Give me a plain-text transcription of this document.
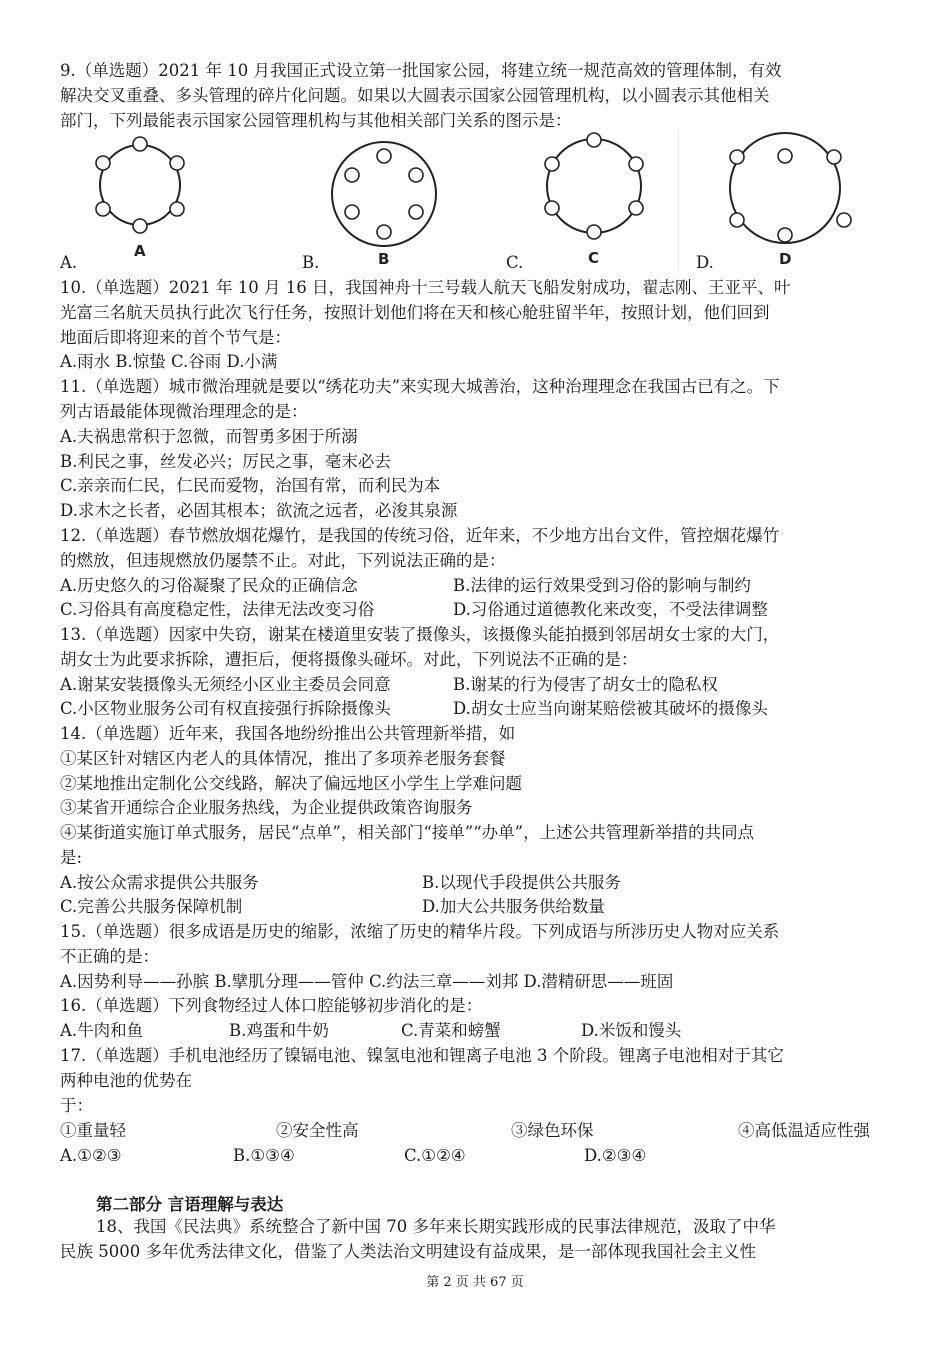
9.（单选题）2021 年 10 月我国正式设立第一批国家公园，将建立统一规范高效的管理体制，有效
解决交叉重叠、多头管理的碎片化问题。如果以大圆表示国家公园管理机构，以小圆表示其他相关
部门，下列最能表示国家公园管理机构与其他相关部门关系的图示是：
A	B	C	D
A.	B.	C.	D.
10.（单选题）2021 年 10 月 16 日，我国神舟十三号载人航天飞船发射成功，翟志刚、王亚平、叶
光富三名航天员执行此次飞行任务，按照计划他们将在天和核心舱驻留半年，按照计划，他们回到
地面后即将迎来的首个节气是：
A.雨水 B.惊蛰 C.谷雨 D.小满
11.（单选题）城市微治理就是要以“绣花功夫”来实现大城善治，这种治理理念在我国古已有之。下
列古语最能体现微治理理念的是：
A.夫祸患常积于忽微，而智勇多困于所溺
B.利民之事，丝发必兴；厉民之事，毫末必去
C.亲亲而仁民，仁民而爱物，治国有常，而利民为本
D.求木之长者，必固其根本；欲流之远者，必浚其泉源
12.（单选题）春节燃放烟花爆竹，是我国的传统习俗，近年来，不少地方出台文件，管控烟花爆竹
的燃放，但违规燃放仍屡禁不止。对此，下列说法正确的是：
A.历史悠久的习俗凝聚了民众的正确信念	B.法律的运行效果受到习俗的影响与制约
C.习俗具有高度稳定性，法律无法改变习俗	D.习俗通过道德教化来改变，不受法律调整
13.（单选题）因家中失窃，谢某在楼道里安装了摄像头，该摄像头能拍摄到邻居胡女士家的大门，
胡女士为此要求拆除，遭拒后，便将摄像头碰坏。对此，下列说法不正确的是：
A.谢某安装摄像头无须经小区业主委员会同意	B.谢某的行为侵害了胡女士的隐私权
C.小区物业服务公司有权直接强行拆除摄像头	D.胡女士应当向谢某赔偿被其破坏的摄像头
14.（单选题）近年来，我国各地纷纷推出公共管理新举措，如
①某区针对辖区内老人的具体情况，推出了多项养老服务套餐
②某地推出定制化公交线路，解决了偏远地区小学生上学难问题
③某省开通综合企业服务热线，为企业提供政策咨询服务
④某街道实施订单式服务，居民“点单”，相关部门“接单”“办单”，上述公共管理新举措的共同点
是:
A.按公众需求提供公共服务	B.以现代手段提供公共服务
C.完善公共服务保障机制	D.加大公共服务供给数量
15.（单选题）很多成语是历史的缩影，浓缩了历史的精华片段。下列成语与所涉历史人物对应关系
不正确的是：
A.因势利导——孙膑 B.擘肌分理——管仲 C.约法三章——刘邦 D.潜精研思——班固
16.（单选题）下列食物经过人体口腔能够初步消化的是：
A.牛肉和鱼	B.鸡蛋和牛奶	C.青菜和螃蟹	D.米饭和馒头
17.（单选题）手机电池经历了镍镉电池、镍氢电池和锂离子电池 3 个阶段。锂离子电池相对于其它
两种电池的优势在
于：
①重量轻	②安全性高	③绿色环保	④高低温适应性强
A.①②③	B.①③④	C.①②④	D.②③④
第二部分 言语理解与表达
18、我国《民法典》系统整合了新中国 70 多年来长期实践形成的民事法律规范，汲取了中华
民族 5000 多年优秀法律文化，借鉴了人类法治文明建设有益成果，是一部体现我国社会主义性
第 2 页 共 67 页
